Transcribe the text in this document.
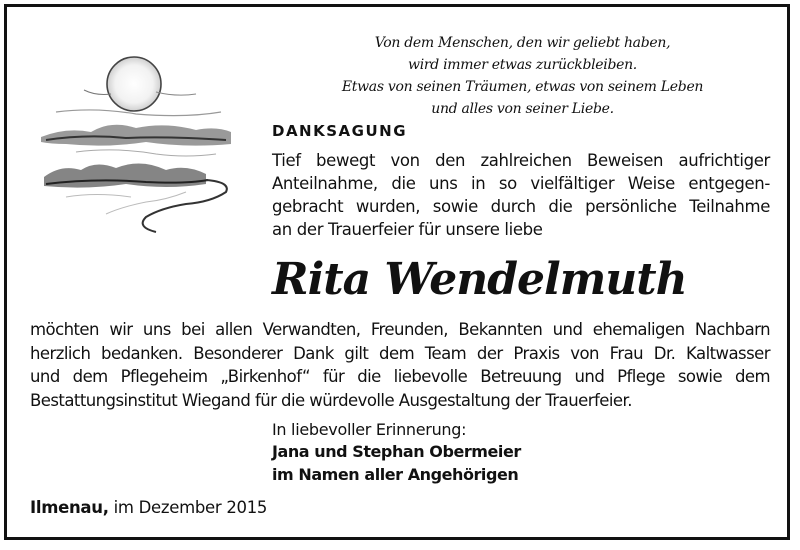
Von dem Menschen, den wir geliebt haben,
wird immer etwas zurückbleiben.
Etwas von seinen Träumen, etwas von seinem Leben
und alles von seiner Liebe.
DANKSAGUNG
Tief bewegt von den zahlreichen Beweisen aufrichtiger
Anteilnahme, die uns in so vielfältiger Weise entgegen-
gebracht wurden, sowie durch die persönliche Teilnahme
an der Trauerfeier für unsere liebe
Rita Wendelmuth
möchten wir uns bei allen Verwandten, Freunden, Bekannten und ehemaligen Nachbarn
herzlich bedanken. Besonderer Dank gilt dem Team der Praxis von Frau Dr. Kaltwasser
und dem Pflegeheim „Birkenhof“ für die liebevolle Betreuung und Pflege sowie dem
Bestattungsinstitut Wiegand für die würdevolle Ausgestaltung der Trauerfeier.
In liebevoller Erinnerung:
Jana und Stephan Obermeier
im Namen aller Angehörigen
Ilmenau, im Dezember 2015
